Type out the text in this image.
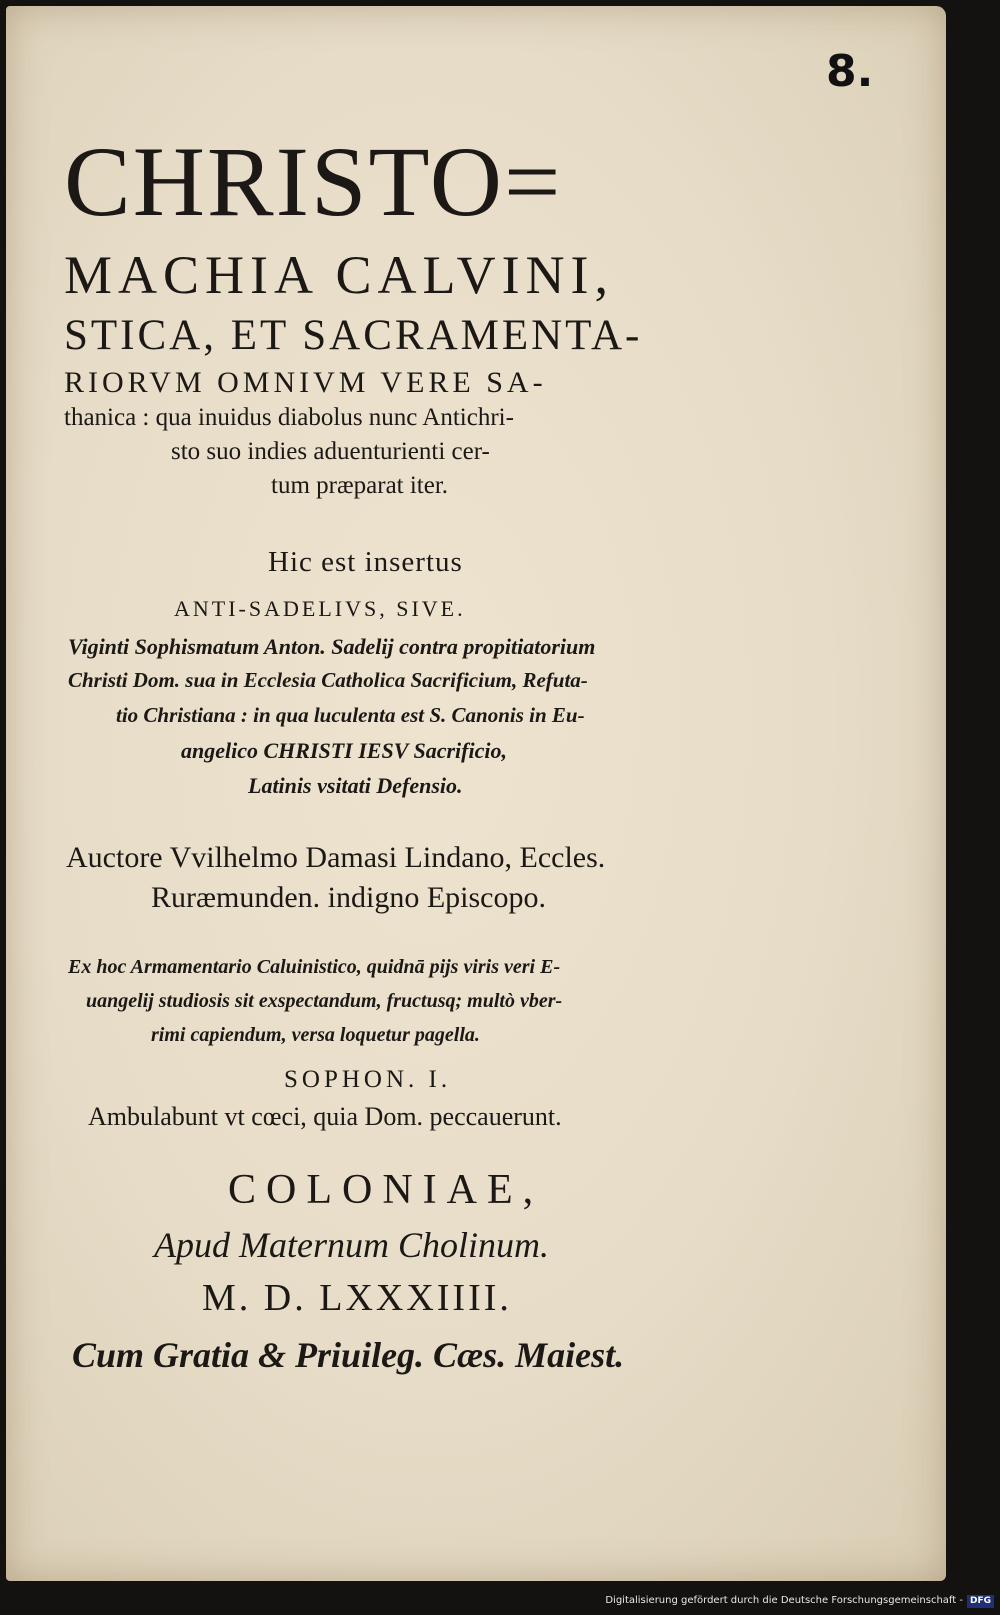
8.
CHRISTO=
MACHIA CALVINI,
STICA, ET SACRAMENTA-
RIORVM OMNIVM VERE SA-
thanica : qua inuidus diabolus nunc Antichri-
sto suo indies aduenturienti cer-
tum præparat iter.
Hic est insertus
ANTI-SADELIVS, SIVE.
Viginti Sophismatum Anton. Sadelij contra propitiatorium
Christi Dom. sua in Ecclesia Catholica Sacrificium, Refuta-
tio Christiana : in qua luculenta est S. Canonis in Eu-
angelico CHRISTI IESV Sacrificio,
Latinis vsitati Defensio.
Auctore Vvilhelmo Damasi Lindano, Eccles.
Ruræmunden. indigno Episcopo.
Ex hoc Armamentario Caluinistico, quidnā pijs viris veri E-
uangelij studiosis sit exspectandum, fructusq; multò vber-
rimi capiendum, versa loquetur pagella.
SOPHON. I.
Ambulabunt vt cœci, quia Dom. peccauerunt.
COLONIAE,
Apud Maternum Cholinum.
M. D. LXXXIIII.
Cum Gratia & Priuileg. Cæs. Maiest.
Digitalisierung gefördert durch die Deutsche Forschungsgemeinschaft - DFG
